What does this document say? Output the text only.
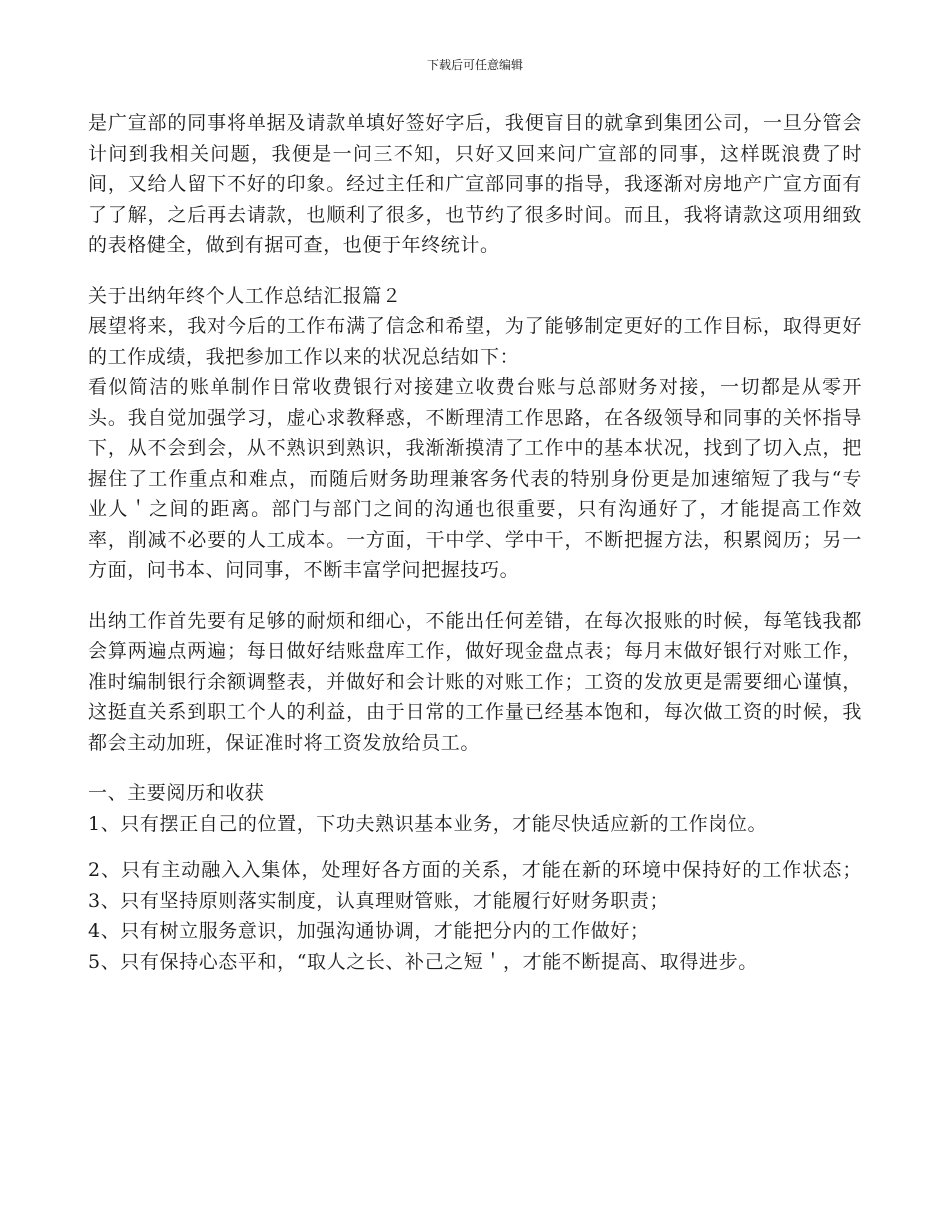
下载后可任意编辑

是广宣部的同事将单据及请款单填好签好字后，我便盲目的就拿到集团公司，一旦分管会计问到我相关问题，我便是一问三不知，只好又回来问广宣部的同事，这样既浪费了时间，又给人留下不好的印象。经过主任和广宣部同事的指导，我逐渐对房地产广宣方面有了了解，之后再去请款，也顺利了很多，也节约了很多时间。而且，我将请款这项用细致的表格健全，做到有据可查，也便于年终统计。

关于出纳年终个人工作总结汇报篇２

展望将来，我对今后的工作布满了信念和希望，为了能够制定更好的工作目标，取得更好的工作成绩，我把参加工作以来的状况总结如下：

看似简洁的账单制作日常收费银行对接建立收费台账与总部财务对接，一切都是从零开头。我自觉加强学习，虚心求教释惑，不断理清工作思路，在各级领导和同事的关怀指导下，从不会到会，从不熟识到熟识，我渐渐摸清了工作中的基本状况，找到了切入点，把握住了工作重点和难点，而随后财务助理兼客务代表的特别身份更是加速缩短了我与“专业人＇之间的距离。部门与部门之间的沟通也很重要，只有沟通好了，才能提高工作效率，削减不必要的人工成本。一方面，干中学、学中干，不断把握方法，积累阅历；另一方面，问书本、问同事，不断丰富学问把握技巧。

出纳工作首先要有足够的耐烦和细心，不能出任何差错，在每次报账的时候，每笔钱我都会算两遍点两遍；每日做好结账盘库工作，做好现金盘点表；每月末做好银行对账工作，准时编制银行余额调整表，并做好和会计账的对账工作；工资的发放更是需要细心谨慎，这挺直关系到职工个人的利益，由于日常的工作量已经基本饱和，每次做工资的时候，我都会主动加班，保证准时将工资发放给员工。

一、主要阅历和收获

1、只有摆正自己的位置，下功夫熟识基本业务，才能尽快适应新的工作岗位。

2、只有主动融入入集体，处理好各方面的关系，才能在新的环境中保持好的工作状态；3、只有坚持原则落实制度，认真理财管账，才能履行好财务职责；

4、只有树立服务意识，加强沟通协调，才能把分内的工作做好；

5、只有保持心态平和，“取人之长、补己之短＇，才能不断提高、取得进步。
